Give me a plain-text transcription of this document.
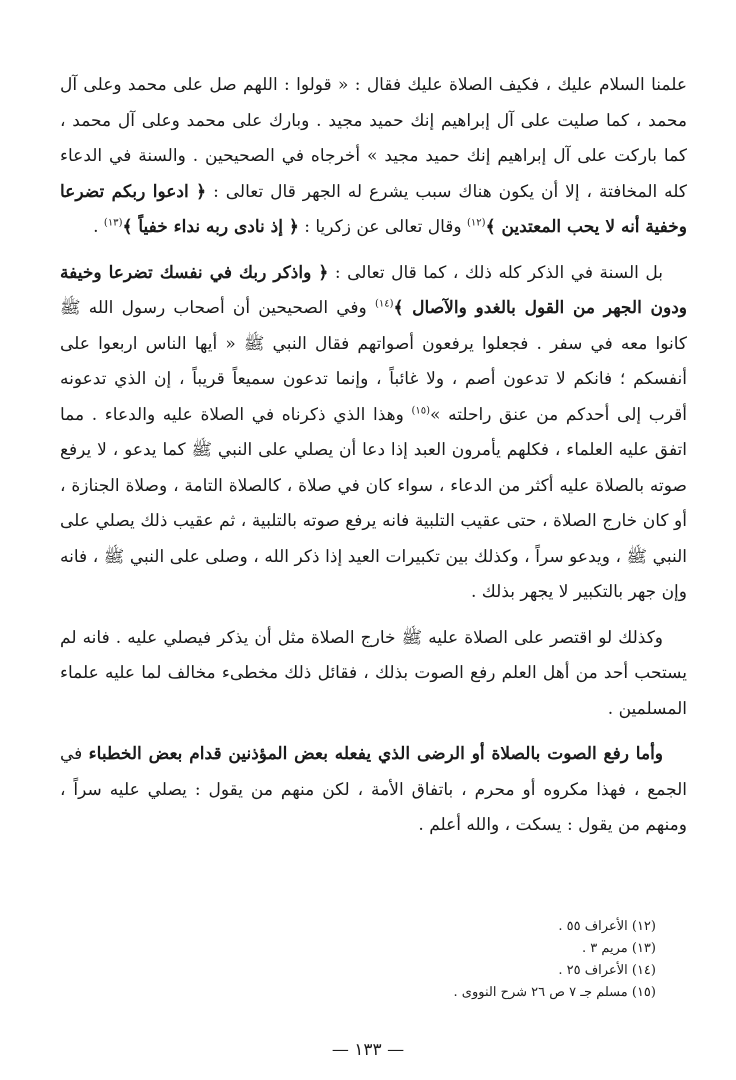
علمنا السلام عليك ، فكيف الصلاة عليك فقال : « قولوا : اللهم صل على محمد وعلى آل محمد ، كما صليت على آل إبراهيم إنك حميد مجيد . وبارك على محمد وعلى آل محمد ، كما باركت على آل إبراهيم إنك حميد مجيد » أخرجاه في الصحيحين . والسنة في الدعاء كله المخافتة ، إلا أن يكون هناك سبب يشرع له الجهر قال تعالى : ﴿ ادعوا ربكم تضرعا وخفية أنه لا يحب المعتدين ﴾$^{(١٢)}$ وقال تعالى عن زكريا : ﴿ إذ نادى ربه نداء خفياً ﴾$^{(١٣)}$ .

بل السنة في الذكر كله ذلك ، كما قال تعالى : ﴿ واذكر ربك في نفسك تضرعا وخيفة ودون الجهر من القول بالغدو والآصال ﴾$^{(١٤)}$ وفي الصحيحين أن أصحاب رسول الله ﷺ كانوا معه في سفر . فجعلوا يرفعون أصواتهم فقال النبي ﷺ « أيها الناس اربعوا على أنفسكم ؛ فانكم لا تدعون أصم ، ولا غائباً ، وإنما تدعون سميعاً قريباً ، إن الذي تدعونه أقرب إلى أحدكم من عنق راحلته »$^{(١٥)}$ وهذا الذي ذكرناه في الصلاة عليه والدعاء . مما اتفق عليه العلماء ، فكلهم يأمرون العبد إذا دعا أن يصلي على النبي ﷺ كما يدعو ، لا يرفع صوته بالصلاة عليه أكثر من الدعاء ، سواء كان في صلاة ، كالصلاة التامة ، وصلاة الجنازة ، أو كان خارج الصلاة ، حتى عقيب التلبية فانه يرفع صوته بالتلبية ، ثم عقيب ذلك يصلي على النبي ﷺ ، ويدعو سراً ، وكذلك بين تكبيرات العيد إذا ذكر الله ، وصلى على النبي ﷺ ، فانه وإن جهر بالتكبير لا يجهر بذلك .

وكذلك لو اقتصر على الصلاة عليه ﷺ خارج الصلاة مثل أن يذكر فيصلي عليه . فانه لم يستحب أحد من أهل العلم رفع الصوت بذلك ، فقائل ذلك مخطىء مخالف لما عليه علماء المسلمين .

وأما رفع الصوت بالصلاة أو الرضى الذي يفعله بعض المؤذنين قدام بعض الخطباء في الجمع ، فهذا مكروه أو محرم ، باتفاق الأمة ، لكن منهم من يقول : يصلي عليه سراً ، ومنهم من يقول : يسكت ، والله أعلم .

(١٢) الأعراف ٥٥ .

(١٣) مريم ٣ .

(١٤) الأعراف ٢٥ .

(١٥) مسلم جـ ٧ ص ٢٦ شرح النووى .

— ١٣٣ —
